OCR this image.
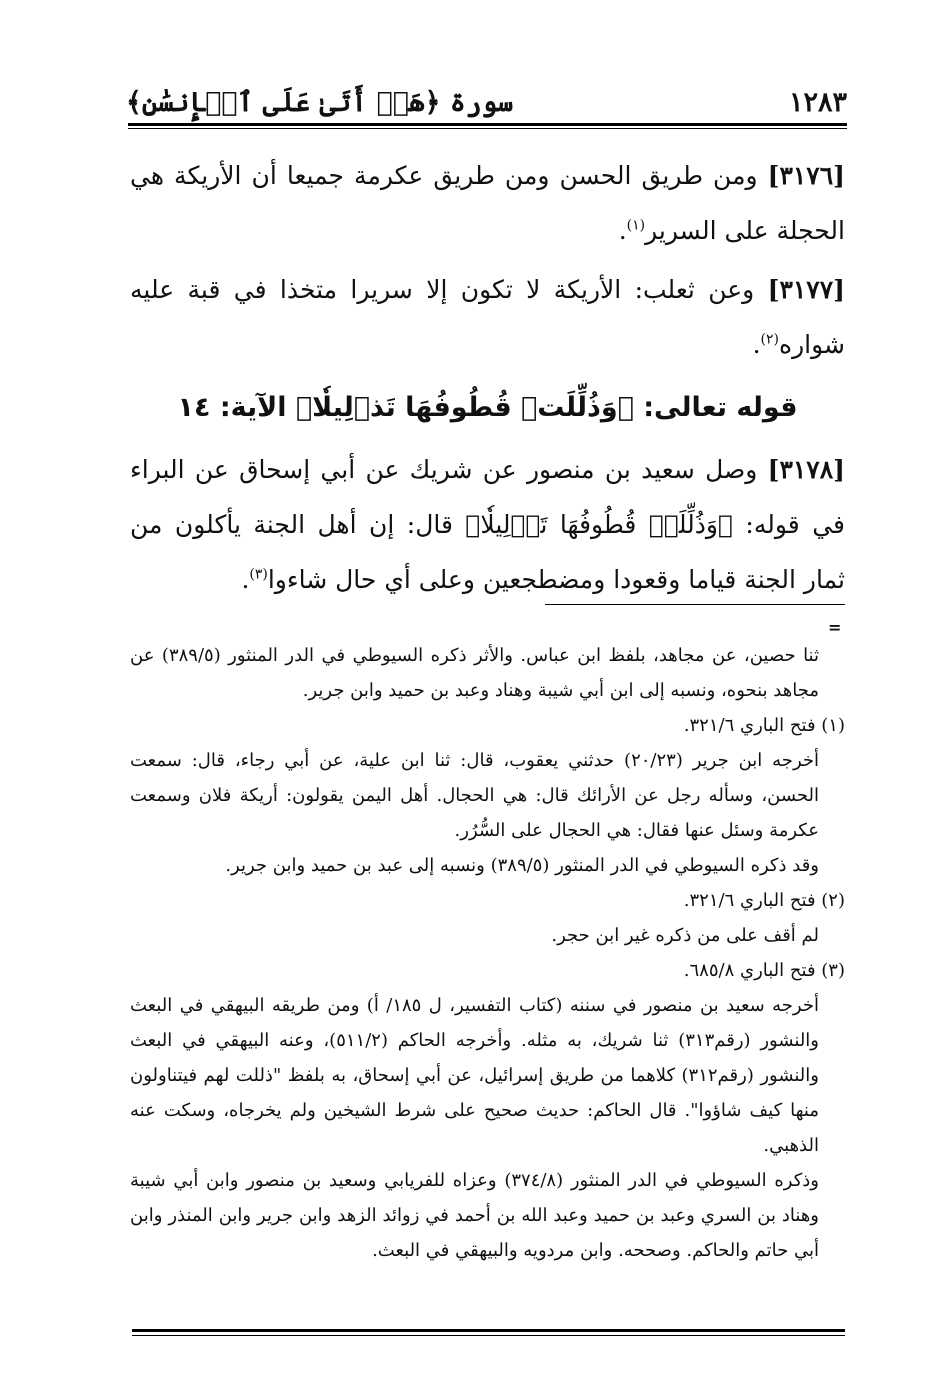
سورة ﴿هَلۡ أَتَىٰ عَلَى ٱلۡإِنسَٰنِ﴾	١٢٨٣

[٣١٧٦] ومن طريق الحسن ومن طريق عكرمة جميعا أن الأريكة هي الحجلة على السرير$^{(١)}$.

[٣١٧٧] وعن ثعلب: الأريكة لا تكون إلا سريرا متخذا في قبة عليه شواره$^{(٢)}$.

قوله تعالى: ﴿وَذُلِّلَتۡ قُطُوفُهَا تَذۡلِيلٗا﴾ الآية: ١٤

[٣١٧٨] وصل سعيد بن منصور عن شريك عن أبي إسحاق عن البراء في قوله: ﴿وَذُلِّلَتۡ قُطُوفُهَا تَذۡلِيلٗا﴾ قال: إن أهل الجنة يأكلون من ثمار الجنة قياما وقعودا ومضطجعين وعلى أي حال شاءوا$^{(٣)}$.

=

ثنا حصين، عن مجاهد، بلفظ ابن عباس. والأثر ذكره السيوطي في الدر المنثور (٣٨٩/٥) عن مجاهد بنحوه، ونسبه إلى ابن أبي شيبة وهناد وعبد بن حميد وابن جرير.

(١) فتح الباري ٣٢١/٦.

أخرجه ابن جرير (٢٠/٢٣) حدثني يعقوب، قال: ثنا ابن علية، عن أبي رجاء، قال: سمعت الحسن، وسأله رجل عن الأرائك قال: هي الحجال. أهل اليمن يقولون: أريكة فلان وسمعت عكرمة وسئل عنها فقال: هي الحجال على السُّرُر.

وقد ذكره السيوطي في الدر المنثور (٣٨٩/٥) ونسبه إلى عبد بن حميد وابن جرير.

(٢) فتح الباري ٣٢١/٦.

لم أقف على من ذكره غير ابن حجر.

(٣) فتح الباري ٦٨٥/٨.

أخرجه سعيد بن منصور في سننه (كتاب التفسير، ل ١٨٥/ أ) ومن طريقه البيهقي في البعث والنشور (رقم٣١٣) ثنا شريك، به مثله. وأخرجه الحاكم (٥١١/٢)، وعنه البيهقي في البعث والنشور (رقم٣١٢) كلاهما من طريق إسرائيل، عن أبي إسحاق، به بلفظ "ذللت لهم فيتناولون منها كيف شاؤوا". قال الحاكم: حديث صحيح على شرط الشيخين ولم يخرجاه، وسكت عنه الذهبي.

وذكره السيوطي في الدر المنثور (٣٧٤/٨) وعزاه للفريابي وسعيد بن منصور وابن أبي شيبة وهناد بن السري وعبد بن حميد وعبد الله بن أحمد في زوائد الزهد وابن جرير وابن المنذر وابن أبي حاتم والحاكم. وصححه. وابن مردويه والبيهقي في البعث.
